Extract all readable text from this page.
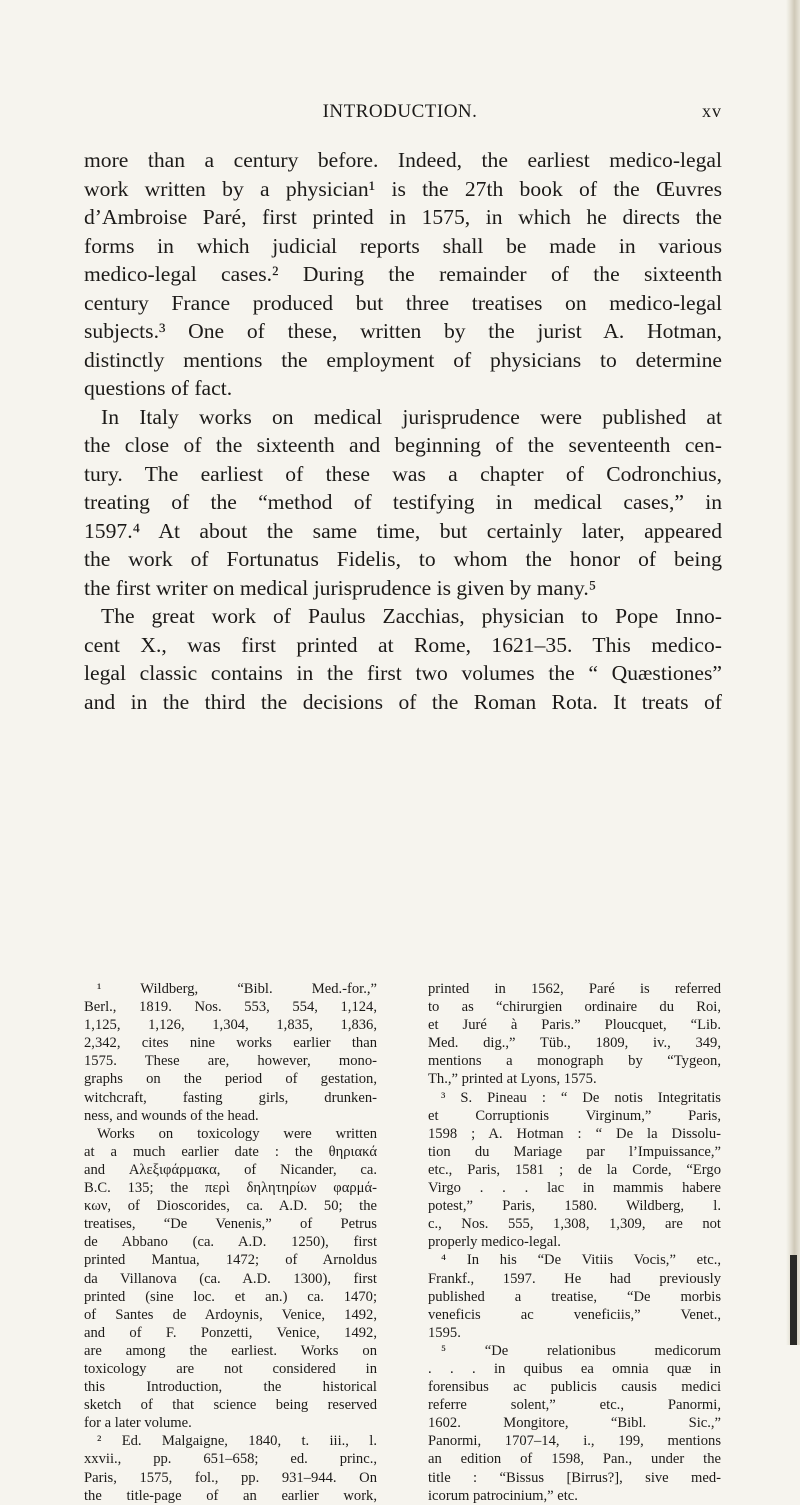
INTRODUCTION.	xv
more than a century before. Indeed, the earliest medico-legal
work written by a physician¹ is the 27th book of the Œuvres
d’Ambroise Paré, first printed in 1575, in which he directs the
forms in which judicial reports shall be made in various
medico-legal cases.² During the remainder of the sixteenth
century France produced but three treatises on medico-legal
subjects.³ One of these, written by the jurist A. Hotman,
distinctly mentions the employment of physicians to determine
questions of fact.
In Italy works on medical jurisprudence were published at
the close of the sixteenth and beginning of the seventeenth cen-
tury. The earliest of these was a chapter of Codronchius,
treating of the “method of testifying in medical cases,” in
1597.⁴ At about the same time, but certainly later, appeared
the work of Fortunatus Fidelis, to whom the honor of being
the first writer on medical jurisprudence is given by many.⁵
The great work of Paulus Zacchias, physician to Pope Inno-
cent X., was first printed at Rome, 1621–35. This medico-
legal classic contains in the first two volumes the “ Quæstiones”
and in the third the decisions of the Roman Rota. It treats of
¹ Wildberg, “Bibl. Med.-for.,”
Berl., 1819. Nos. 553, 554, 1,124,
1,125, 1,126, 1,304, 1,835, 1,836,
2,342, cites nine works earlier than
1575. These are, however, mono-
graphs on the period of gestation,
witchcraft, fasting girls, drunken-
ness, and wounds of the head.
Works on toxicology were written
at a much earlier date : the θηριακά
and Αλεξιφάρμακα, of Nicander, ca.
B.C. 135; the περὶ δηλητηρίων φαρμά-
κων, of Dioscorides, ca. A.D. 50; the
treatises, “De Venenis,” of Petrus
de Abbano (ca. A.D. 1250), first
printed Mantua, 1472; of Arnoldus
da Villanova (ca. A.D. 1300), first
printed (sine loc. et an.) ca. 1470;
of Santes de Ardoynis, Venice, 1492,
and of F. Ponzetti, Venice, 1492,
are among the earliest. Works on
toxicology are not considered in
this Introduction, the historical
sketch of that science being reserved
for a later volume.
² Ed. Malgaigne, 1840, t. iii., l.
xxvii., pp. 651–658; ed. princ.,
Paris, 1575, fol., pp. 931–944. On
the title-page of an earlier work,
printed in 1562, Paré is referred
to as “chirurgien ordinaire du Roi,
et Juré à Paris.” Ploucquet, “Lib.
Med. dig.,” Tüb., 1809, iv., 349,
mentions a monograph by “Tygeon,
Th.,” printed at Lyons, 1575.
³ S. Pineau : “ De notis Integritatis
et Corruptionis Virginum,” Paris,
1598 ; A. Hotman : “ De la Dissolu-
tion du Mariage par l’Impuissance,”
etc., Paris, 1581 ; de la Corde, “Ergo
Virgo . . . lac in mammis habere
potest,” Paris, 1580. Wildberg, l.
c., Nos. 555, 1,308, 1,309, are not
properly medico-legal.
⁴ In his “De Vitiis Vocis,” etc.,
Frankf., 1597. He had previously
published a treatise, “De morbis
veneficis ac veneficiis,” Venet.,
1595.
⁵ “De relationibus medicorum
. . . in quibus ea omnia quæ in
forensibus ac publicis causis medici
referre solent,” etc., Panormi,
1602. Mongitore, “Bibl. Sic.,”
Panormi, 1707–14, i., 199, mentions
an edition of 1598, Pan., under the
title : “Bissus [Birrus?], sive med-
icorum patrocinium,” etc.
